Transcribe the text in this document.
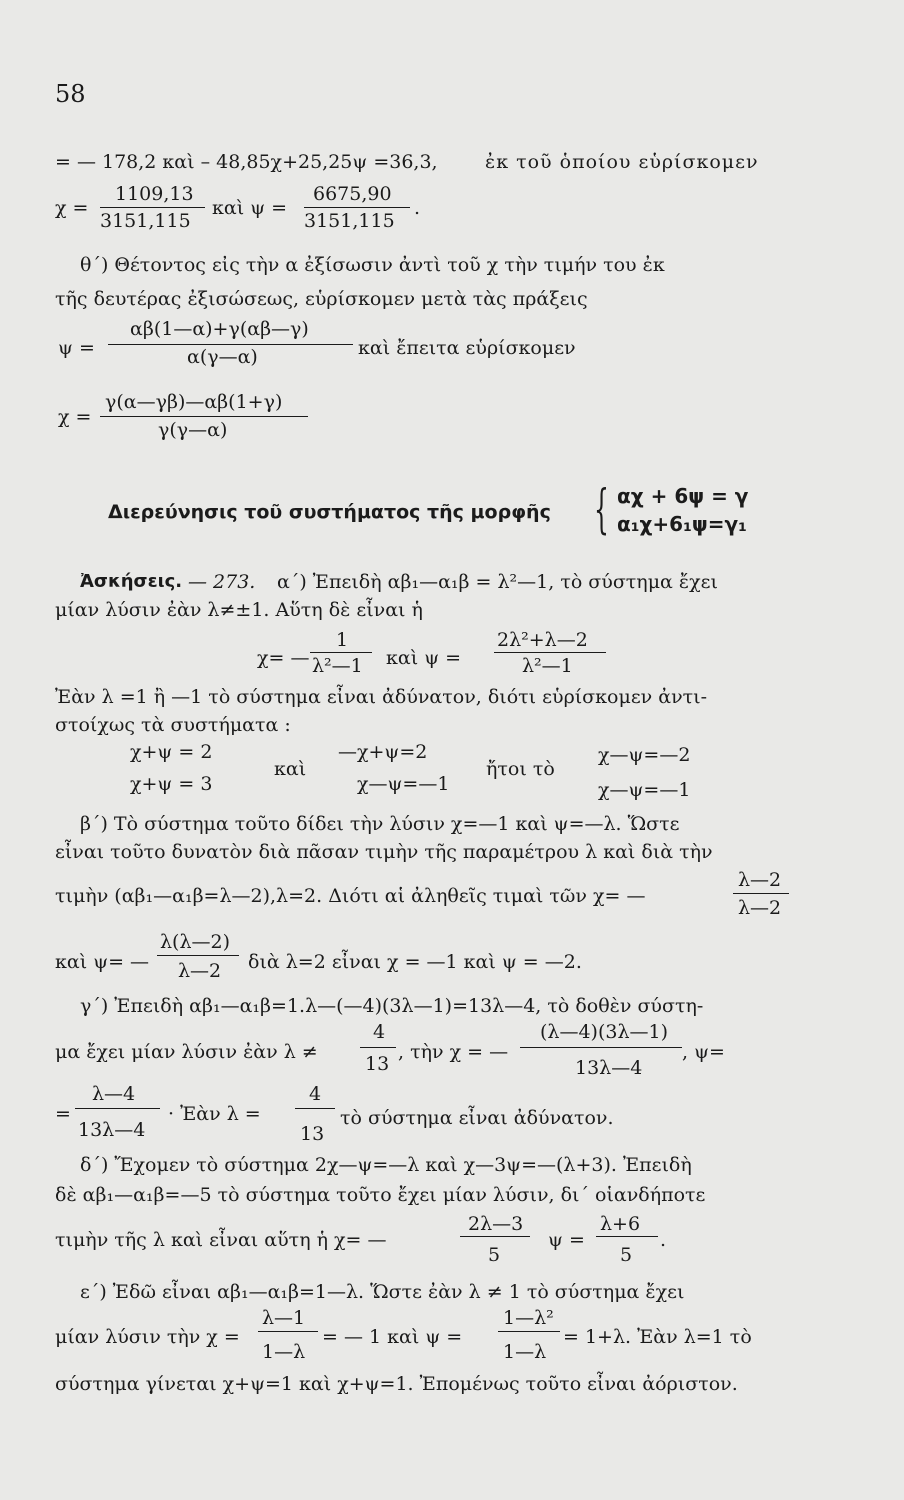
58
= — 178,2 καὶ – 48,85χ+25,25ψ =36,3, ἐκ τοῦ ὁποίου εὑρίσκομεν
χ =
1109,13
3151,115
καὶ ψ =
6675,90
3151,115
.
θ΄) Θέτοντος εἰς τὴν α ἐξίσωσιν ἀντὶ τοῦ χ τὴν τιμήν του ἐκ
τῆς δευτέρας ἐξισώσεως, εὑρίσκομεν μετὰ τὰς πράξεις
ψ =
αβ(1—α)+γ(αβ—γ)
α(γ—α)	καὶ ἔπειτα εὑρίσκομεν
χ =
γ(α—γβ)—αβ(1+γ)
γ(γ—α)
Διερεύνησις τοῦ συστήματος τῆς μορφῆς { αχ + 6ψ = γ
α₁χ+6₁ψ=γ₁
Ἀσκήσεις. — 273. α΄) Ἐπειδὴ αβ₁—α₁β = λ²—1, τὸ σύστημα ἔχει
μίαν λύσιν ἐὰν λ≠±1. Αὕτη δὲ εἶναι ἡ
χ= —
1
λ²—1 καὶ ψ =
2λ²+λ—2
λ²—1
Ἐὰν λ =1 ἢ —1 τὸ σύστημα εἶναι ἀδύνατον, διότι εὑρίσκομεν ἀντι-
στοίχως τὰ συστήματα :
χ+ψ = 2
χ+ψ = 3
καὶ
—χ+ψ=2
χ—ψ=—1
ἤτοι τὸ
χ—ψ=—2
χ—ψ=—1
β΄) Τὸ σύστημα τοῦτο δίδει τὴν λύσιν χ=—1 καὶ ψ=—λ. Ὥστε
εἶναι τοῦτο δυνατὸν διὰ πᾶσαν τιμὴν τῆς παραμέτρου λ καὶ διὰ τὴν
τιμὴν (αβ₁—α₁β=λ—2),λ=2. Διότι αἱ ἀληθεῖς τιμαὶ τῶν χ= —
λ—2
λ—2
καὶ ψ= —
λ(λ—2)
λ—2 διὰ λ=2 εἶναι χ = —1 καὶ ψ = —2.
γ΄) Ἐπειδὴ αβ₁—α₁β=1.λ—(—4)(3λ—1)=13λ—4, τὸ δοθὲν σύστη-
μα ἔχει μίαν λύσιν ἐὰν λ ≠
4
13
, τὴν χ = —
(λ—4)(3λ—1)
13λ—4
, ψ=
=
λ—4
13λ—4
· Ἐὰν λ =
4
13
τὸ σύστημα εἶναι ἀδύνατον.
δ΄) Ἔχομεν τὸ σύστημα 2χ—ψ=—λ καὶ χ—3ψ=—(λ+3). Ἐπειδὴ
δὲ αβ₁—α₁β=—5 τὸ σύστημα τοῦτο ἔχει μίαν λύσιν, δι΄ οἱανδήποτε
τιμὴν τῆς λ καὶ εἶναι αὕτη ἡ χ= —
2λ—3
5
ψ =
λ+6
5
.
ε΄) Ἐδῶ εἶναι αβ₁—α₁β=1—λ. Ὥστε ἐὰν λ ≠ 1 τὸ σύστημα ἔχει
μίαν λύσιν τὴν χ =
λ—1
1—λ
= — 1 καὶ ψ =
1—λ²
1—λ
= 1+λ. Ἐὰν λ=1 τὸ
σύστημα γίνεται χ+ψ=1 καὶ χ+ψ=1. Ἐπομένως τοῦτο εἶναι ἀόριστον.
